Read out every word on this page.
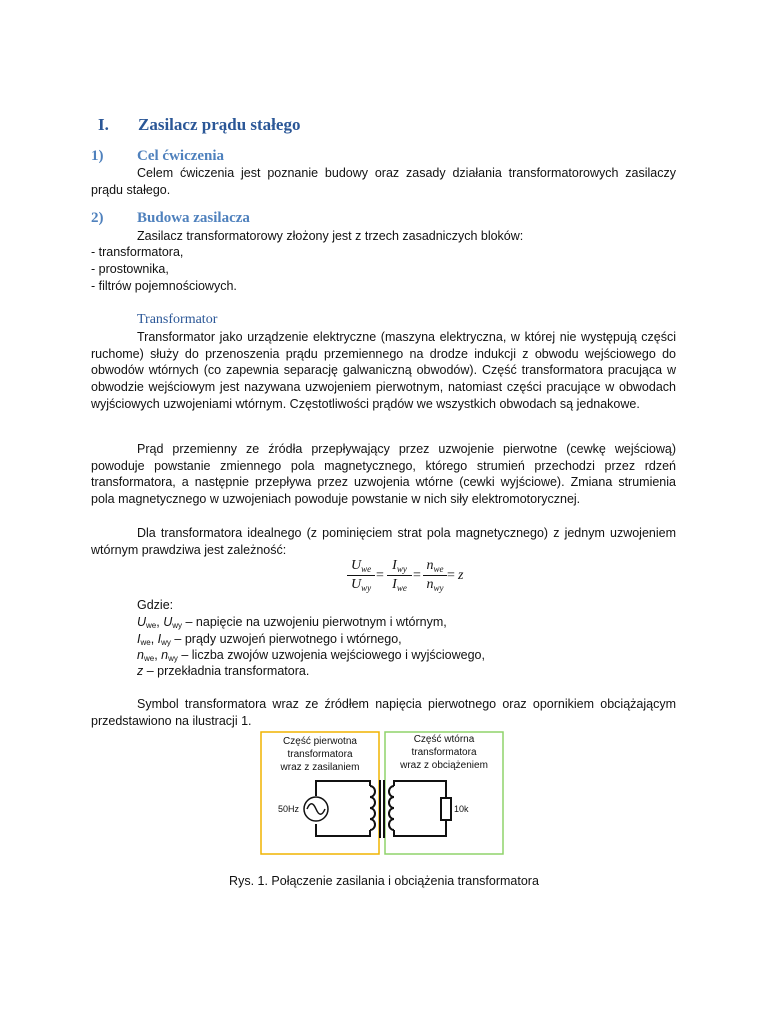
I. Zasilacz prądu stałego
1) Cel ćwiczenia
Celem ćwiczenia jest poznanie budowy oraz zasady działania transformatorowych zasilaczy prądu stałego.
2) Budowa zasilacza
Zasilacz transformatorowy złożony jest z trzech zasadniczych bloków:
- transformatora,
- prostownika,
- filtrów pojemnościowych.
Transformator
Transformator jako urządzenie elektryczne (maszyna elektryczna, w której nie występują części ruchome) służy do przenoszenia prądu przemiennego na drodze indukcji z obwodu wejściowego do obwodów wtórnych (co zapewnia separację galwaniczną obwodów). Część transformatora pracująca w obwodzie wejściowym jest nazywana uzwojeniem pierwotnym, natomiast części pracujące w obwodach wyjściowych uzwojeniami wtórnym. Częstotliwości prądów we wszystkich obwodach są jednakowe.
Prąd przemienny ze źródła przepływający przez uzwojenie pierwotne (cewkę wejściową) powoduje powstanie zmiennego pola magnetycznego, którego strumień przechodzi przez rdzeń transformatora, a następnie przepływa przez uzwojenia wtórne (cewki wyjściowe). Zmiana strumienia pola magnetycznego w uzwojeniach powoduje powstanie w nich siły elektromotorycznej.
Dla transformatora idealnego (z pominięciem strat pola magnetycznego) z jednym uzwojeniem wtórnym prawdziwa jest zależność:
$U_{we}$
$U_{wy}$
=
$I_{wy}$
$I_{we}$
=
$n_{we}$
$n_{wy}$
= z
Gdzie:
$U_{we}$, $U_{wy}$ – napięcie na uzwojeniu pierwotnym i wtórnym,
$I_{we}$, $I_{wy}$ – prądy uzwojeń pierwotnego i wtórnego,
$n_{we}$, $n_{wy}$ – liczba zwojów uzwojenia wejściowego i wyjściowego,
z – przekładnia transformatora.
Symbol transformatora wraz ze źródłem napięcia pierwotnego oraz opornikiem obciążającym przedstawiono na ilustracji 1.
Część pierwotna
transformatora
wraz z zasilaniem
Część wtórna
transformatora
wraz z obciążeniem
50Hz	10k
Rys. 1. Połączenie zasilania i obciążenia transformatora
